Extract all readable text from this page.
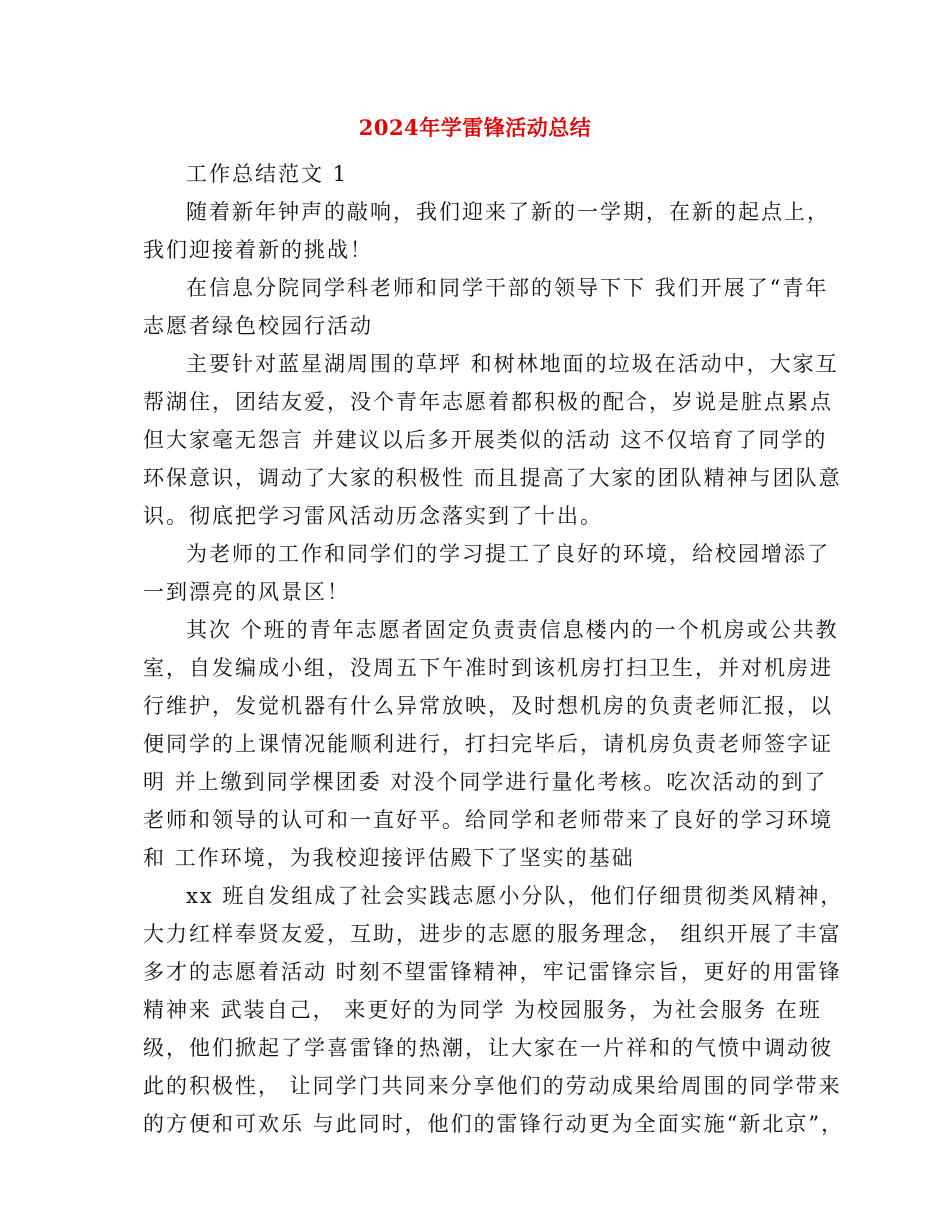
2024年学雷锋活动总结
工作总结范文 1
随着新年钟声的敲响，我们迎来了新的一学期，在新的起点上，
我们迎接着新的挑战！
在信息分院同学科老师和同学干部的领导下下 我们开展了“青年
志愿者绿色校园行活动
主要针对蓝星湖周围的草坪 和树林地面的垃圾在活动中，大家互
帮湖住，团结友爱，没个青年志愿着都积极的配合，岁说是脏点累点
但大家毫无怨言 并建议以后多开展类似的活动 这不仅培育了同学的
环保意识，调动了大家的积极性 而且提高了大家的团队精神与团队意
识。彻底把学习雷风活动历念落实到了十出。
为老师的工作和同学们的学习提工了良好的环境，给校园增添了
一到漂亮的风景区！
其次 个班的青年志愿者固定负责责信息楼内的一个机房或公共教
室，自发编成小组，没周五下午准时到该机房打扫卫生，并对机房进
行维护，发觉机器有什么异常放映，及时想机房的负责老师汇报，以
便同学的上课情况能顺利进行，打扫完毕后，请机房负责老师签字证
明 并上缴到同学棵团委 对没个同学进行量化考核。吃次活动的到了
老师和领导的认可和一直好平。给同学和老师带来了良好的学习环境
和 工作环境，为我校迎接评估殿下了坚实的基础
xx 班自发组成了社会实践志愿小分队，他们仔细贯彻类风精神，
大力红样奉贤友爱，互助，进步的志愿的服务理念， 组织开展了丰富
多才的志愿着活动 时刻不望雷锋精神，牢记雷锋宗旨，更好的用雷锋
精神来 武装自己， 来更好的为同学 为校园服务，为社会服务 在班
级，他们掀起了学喜雷锋的热潮，让大家在一片祥和的气愤中调动彼
此的积极性， 让同学门共同来分享他们的劳动成果给周围的同学带来
的方便和可欢乐 与此同时，他们的雷锋行动更为全面实施“新北京”，
